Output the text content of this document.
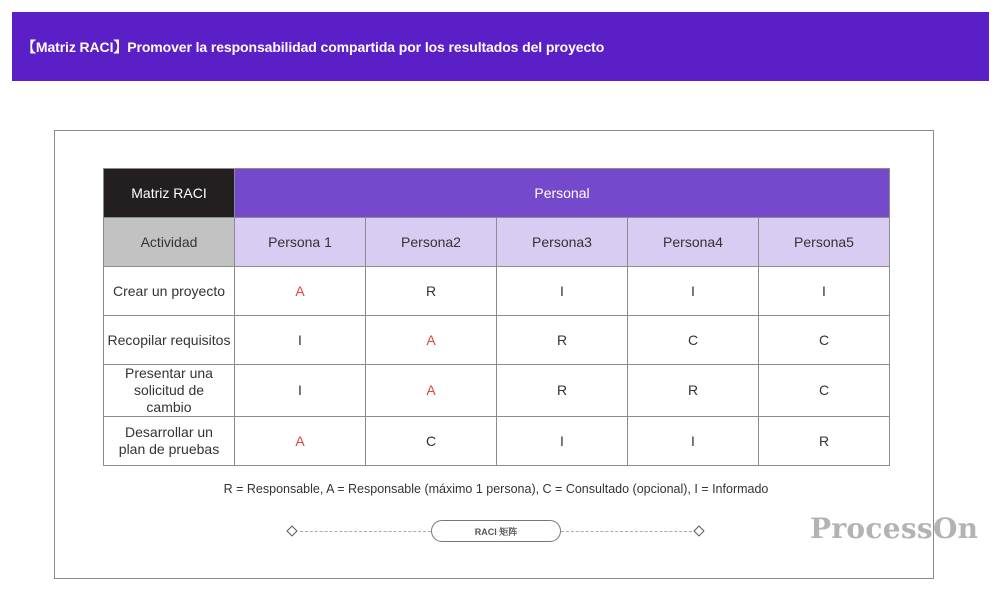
【Matriz RACI】Promover la responsabilidad compartida por los resultados del proyecto
Matriz RACI	Personal				
Actividad	Persona 1	Persona2	Persona3	Persona4	Persona5
Crear un proyecto	A	R	I	I	I
Recopilar requisitos	I	A	R	C	C
Presentar una solicitud de cambio	I	A	R	R	C
Desarrollar un plan de pruebas	A	C	I	I	R
R = Responsable, A = Responsable (máximo 1 persona), C = Consultado (opcional), I = Informado
RACI 矩阵	ProcessOn
